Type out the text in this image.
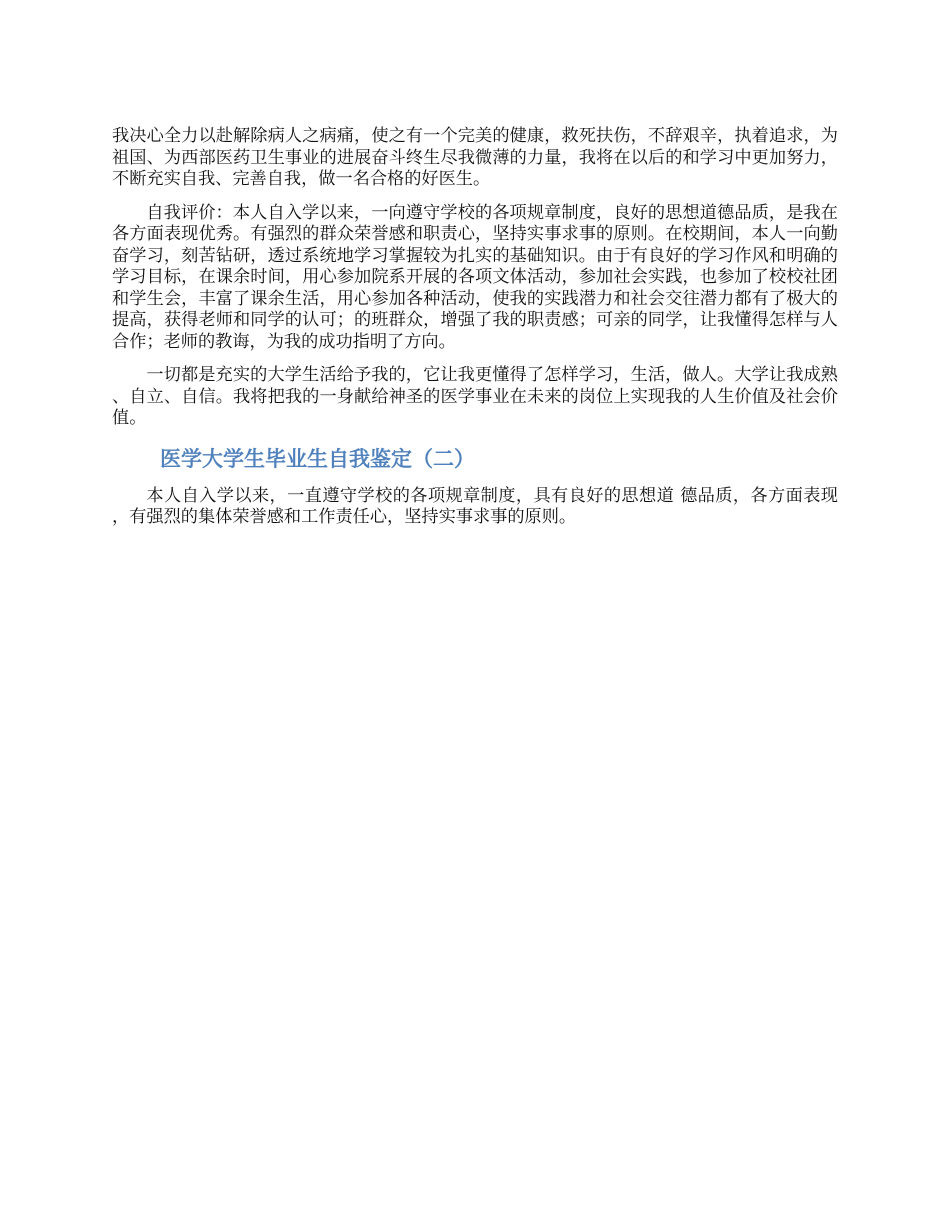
我决心全力以赴解除病人之病痛，使之有一个完美的健康，救死扶伤，不辞艰辛，执着追求，为祖国、为西部医药卫生事业的进展奋斗终生尽我微薄的力量，我将在以后的和学习中更加努力，不断充实自我、完善自我，做一名合格的好医生。

自我评价：本人自入学以来，一向遵守学校的各项规章制度，良好的思想道德品质，是我在各方面表现优秀。有强烈的群众荣誉感和职责心，坚持实事求事的原则。在校期间，本人一向勤奋学习，刻苦钻研，透过系统地学习掌握较为扎实的基础知识。由于有良好的学习作风和明确的学习目标，在课余时间，用心参加院系开展的各项文体活动，参加社会实践，也参加了校校社团和学生会，丰富了课余生活，用心参加各种活动，使我的实践潜力和社会交往潜力都有了极大的提高，获得老师和同学的认可；的班群众，增强了我的职责感；可亲的同学，让我懂得怎样与人合作；老师的教诲，为我的成功指明了方向。

一切都是充实的大学生活给予我的，它让我更懂得了怎样学习，生活，做人。大学让我成熟、自立、自信。我将把我的一身献给神圣的医学事业在未来的岗位上实现我的人生价值及社会价值。

医学大学生毕业生自我鉴定（二）

本人自入学以来，一直遵守学校的各项规章制度，具有良好的思想道 德品质，各方面表现，有强烈的集体荣誉感和工作责任心，坚持实事求事的原则。
